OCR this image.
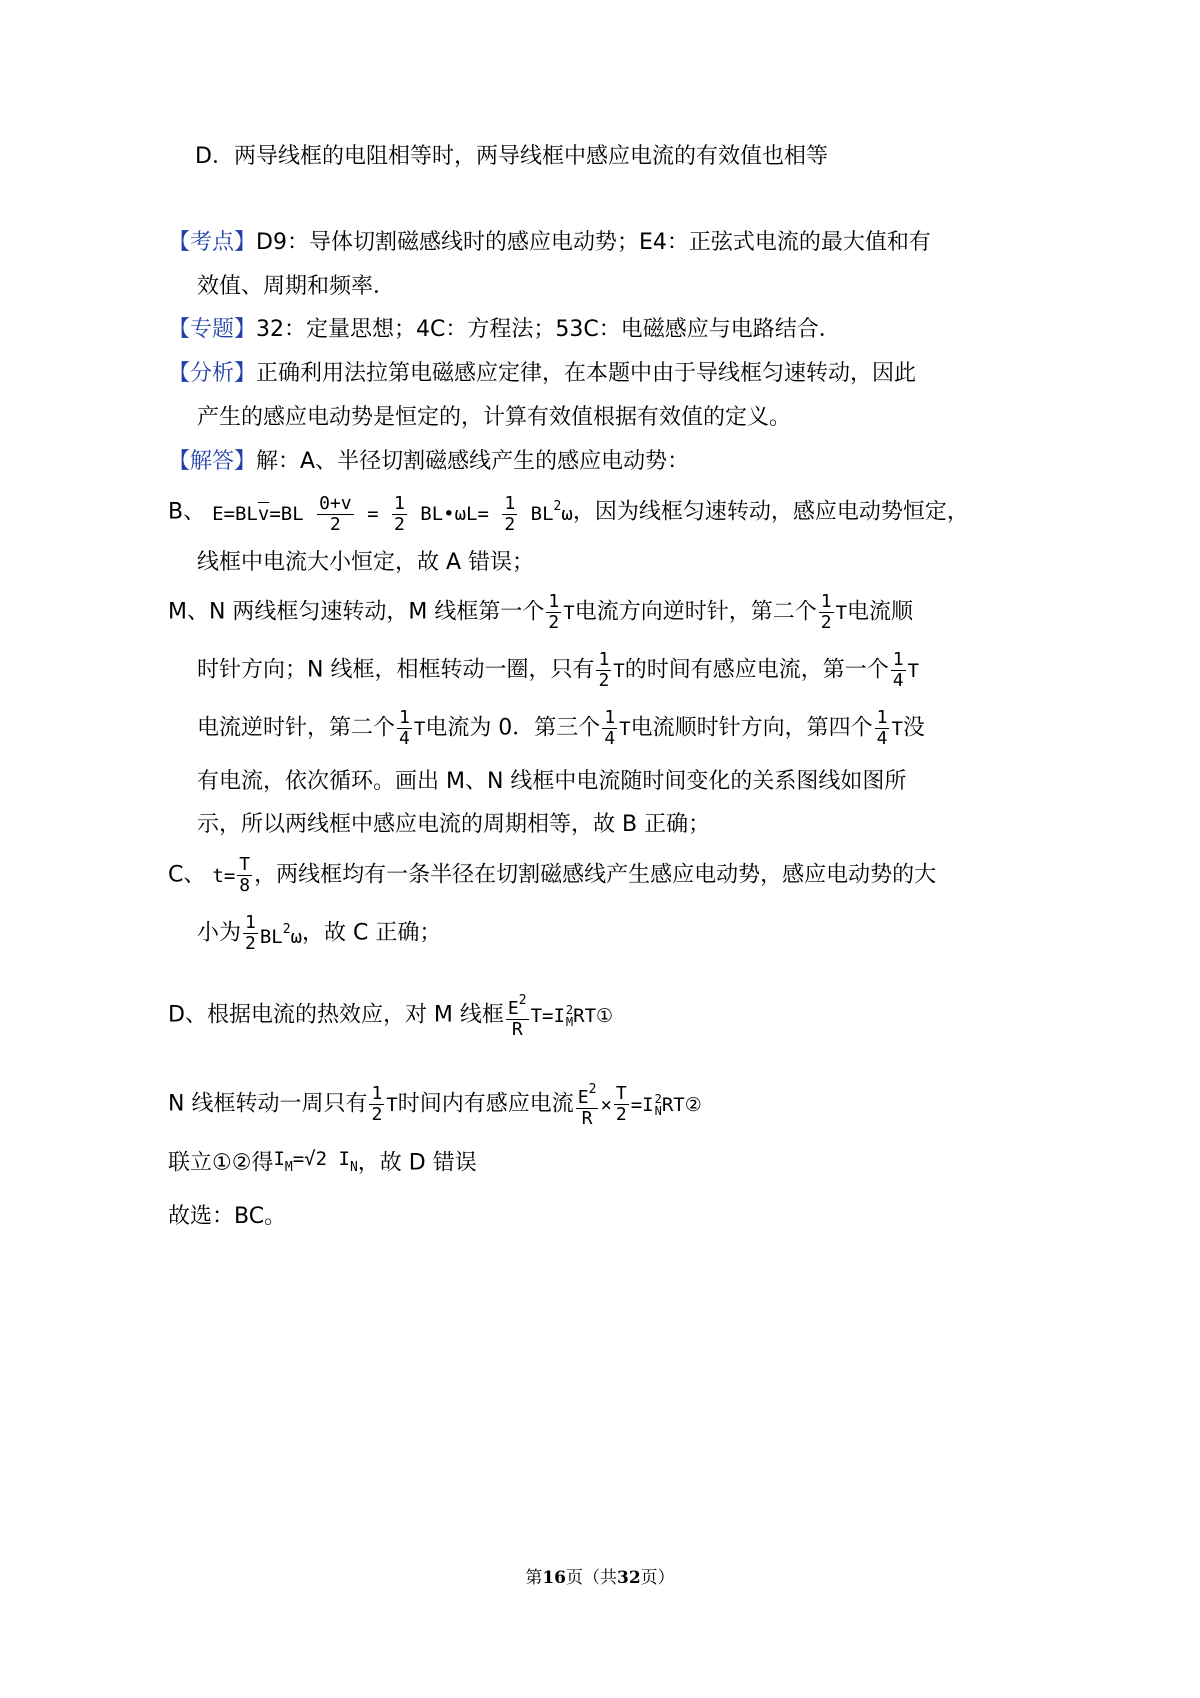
D．两导线框的电阻相等时，两导线框中感应电流的有效值也相等
【考点】D9：导体切割磁感线时的感应电动势；E4：正弦式电流的最大值和有
效值、周期和频率．
【专题】32：定量思想；4C：方程法；53C：电磁感应与电路结合．
【分析】正确利用法拉第电磁感应定律，在本题中由于导线框匀速转动，因此
产生的感应电动势是恒定的，计算有效值根据有效值的定义。
【解答】解：A、半径切割磁感线产生的感应电动势：
B、 $E=BL\overline{v}=BL \frac{0+v}{2} = \frac{1}{2}$ BL•ωL= $\frac{1}{2} BL^2\omega$，因为线框匀速转动，感应电动势恒定，
线框中电流大小恒定，故 A 错误；
M、N 两线框匀速转动，M 线框第一个 $\frac{1}{2}$ T电流方向逆时针，第二个 $\frac{1}{2}$ T电流顺
时针方向；N 线框，相框转动一圈，只有 $\frac{1}{2}$ T的时间有感应电流，第一个 $\frac{1}{4}$ T
电流逆时针，第二个 $\frac{1}{4}$ T电流为 0．第三个 $\frac{1}{4}$ T电流顺时针方向，第四个 $\frac{1}{4}$ T没
有电流，依次循环。画出 M、N 线框中电流随时间变化的关系图线如图所
示，所以两线框中感应电流的周期相等，故 B 正确；
C、 $t= \frac{T}{8}$ ，两线框均有一条半径在切割磁感线产生感应电动势，感应电动势的大
小为 $\frac{1}{2} BL^2\omega$，故 C 正确；
D、根据电流的热效应，对 M 线框 $\frac{E^2}{R} T=I$ 2
M RT①
N 线框转动一周只有 $\frac{1}{2}$ T时间内有感应电流 $\frac{E^2}{R} \times \frac{T}{2} =I$ 2
N RT②
联立①②得$I_M=√2$ $I_N$，故 D 错误
故选：BC。
第16页（共32页）
